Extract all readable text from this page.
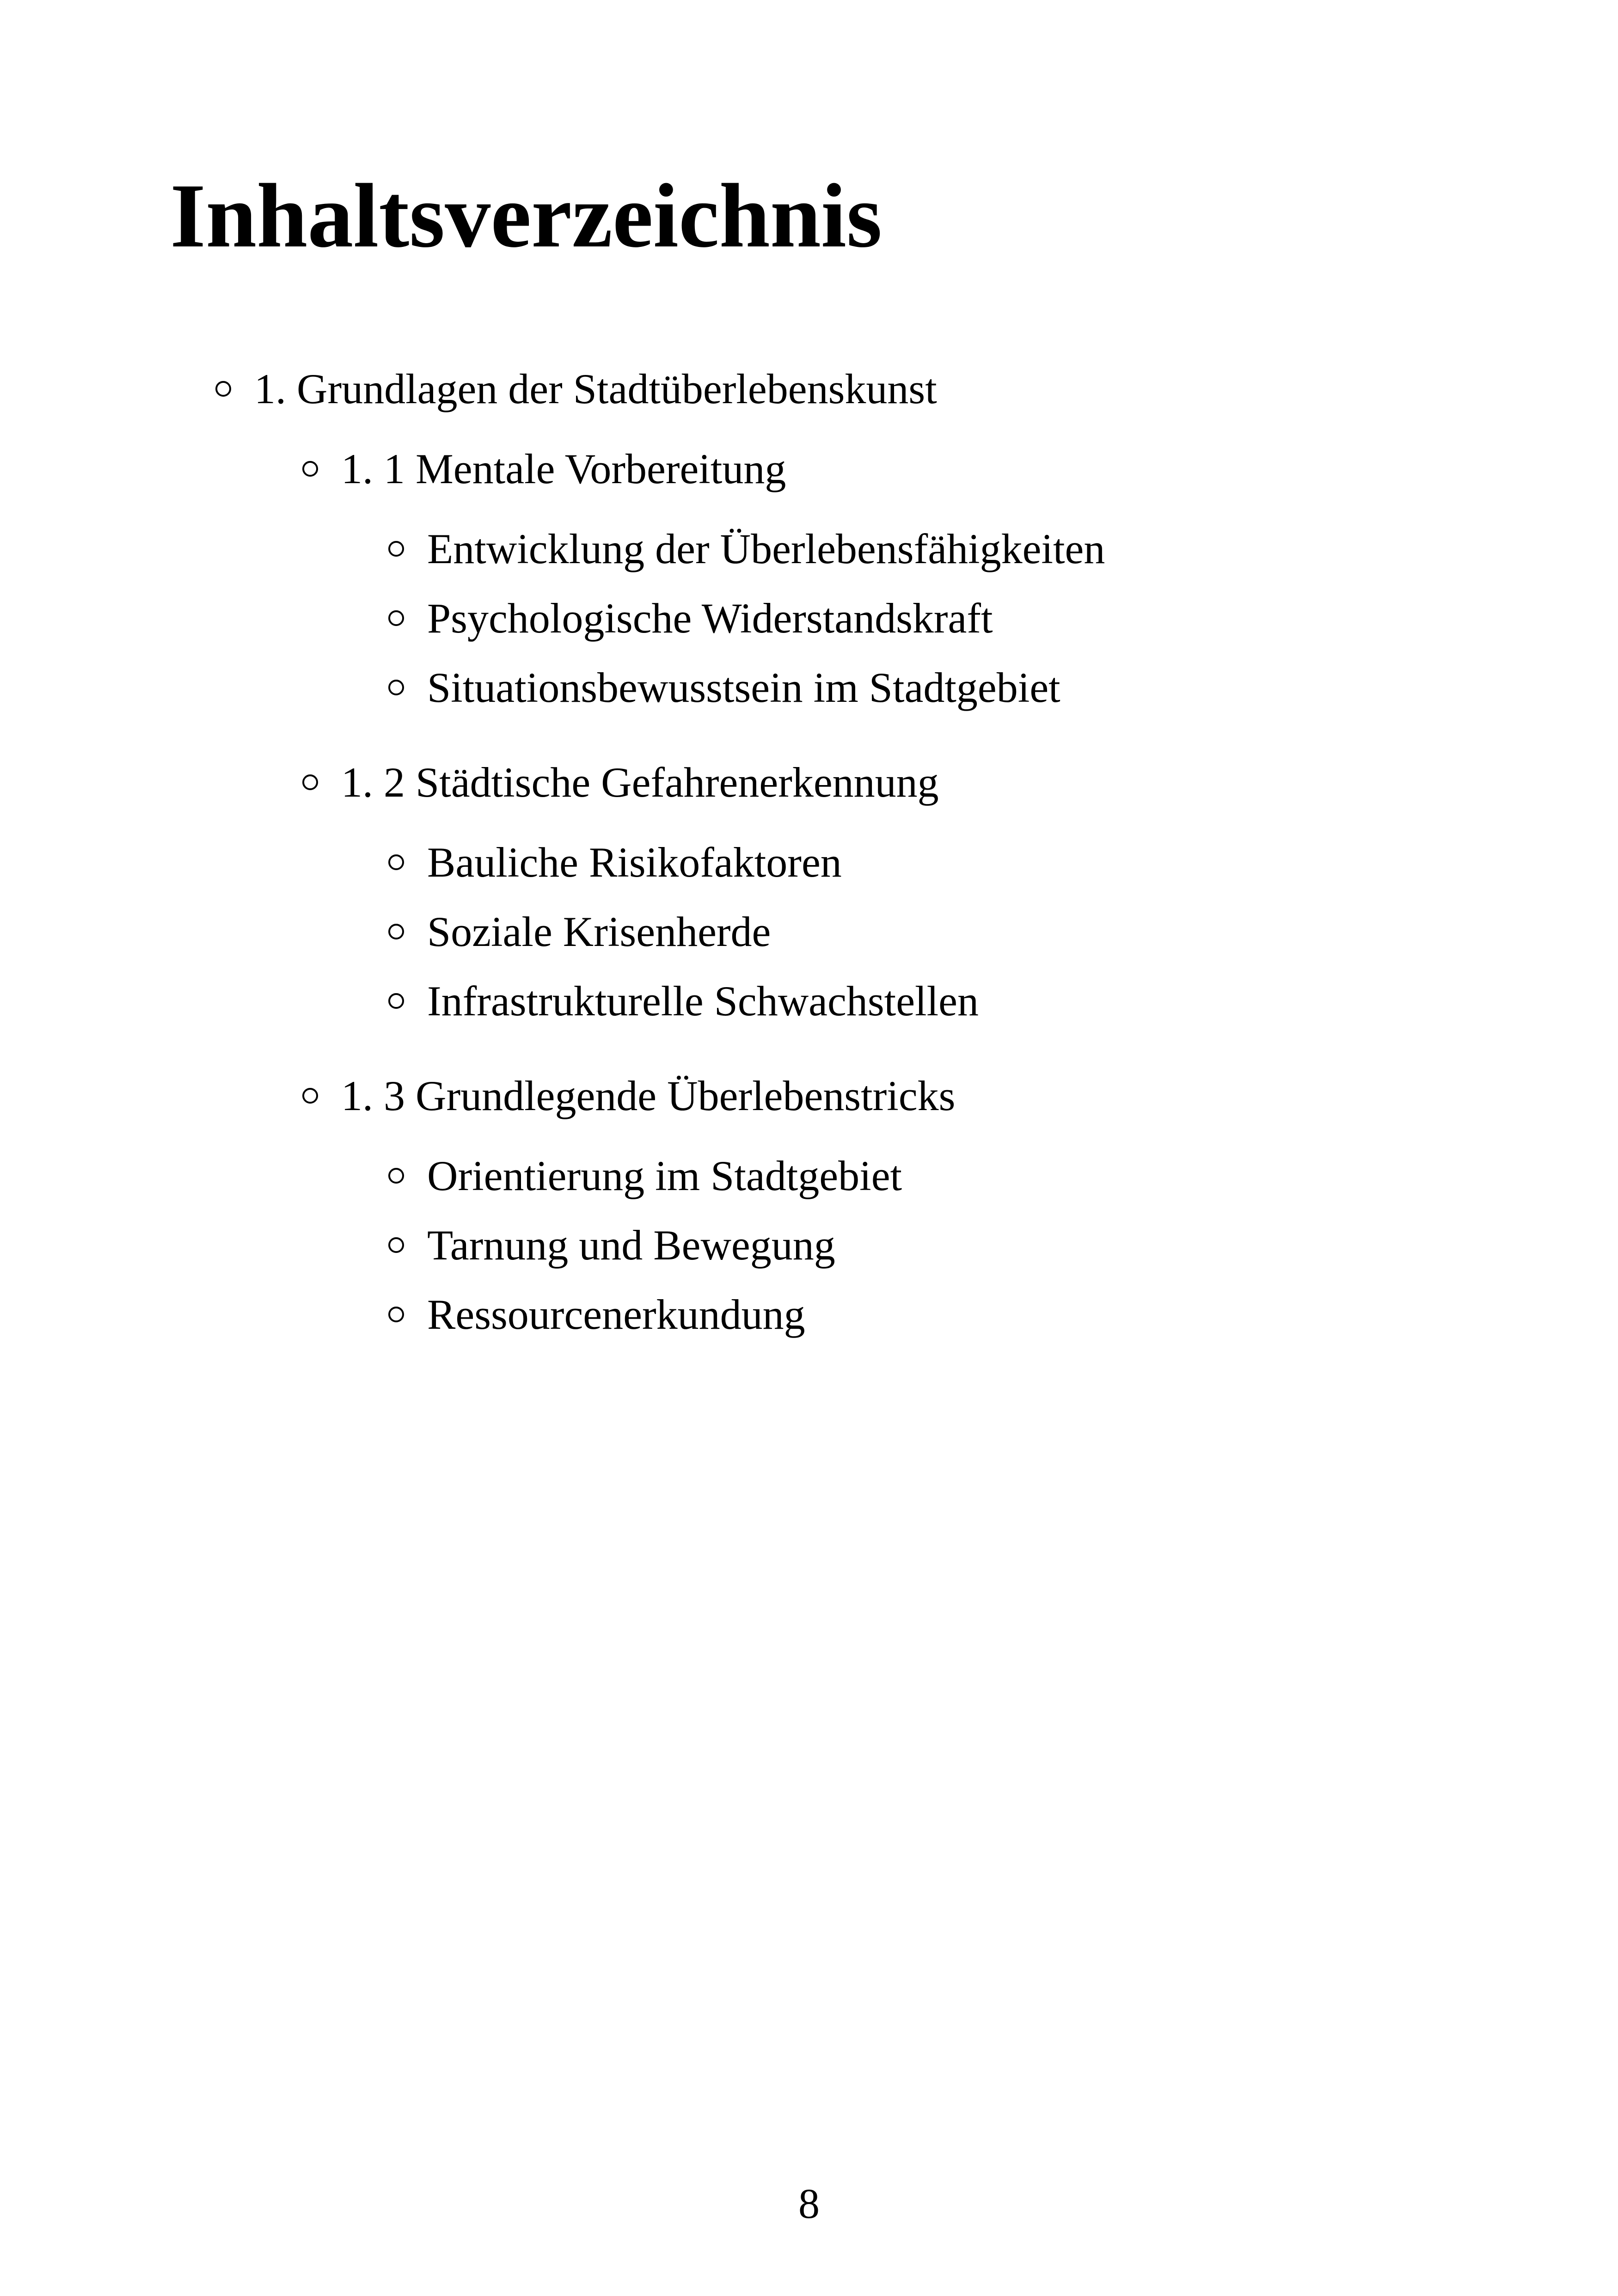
Inhaltsverzeichnis
1. Grundlagen der Stadtüberlebenskunst
1. 1 Mentale Vorbereitung
Entwicklung der Überlebensfähigkeiten
Psychologische Widerstandskraft
Situationsbewusstsein im Stadtgebiet
1. 2 Städtische Gefahrenerkennung
Bauliche Risikofaktoren
Soziale Krisenherde
Infrastrukturelle Schwachstellen
1. 3 Grundlegende Überlebenstricks
Orientierung im Stadtgebiet
Tarnung und Bewegung
Ressourcenerkundung
8
